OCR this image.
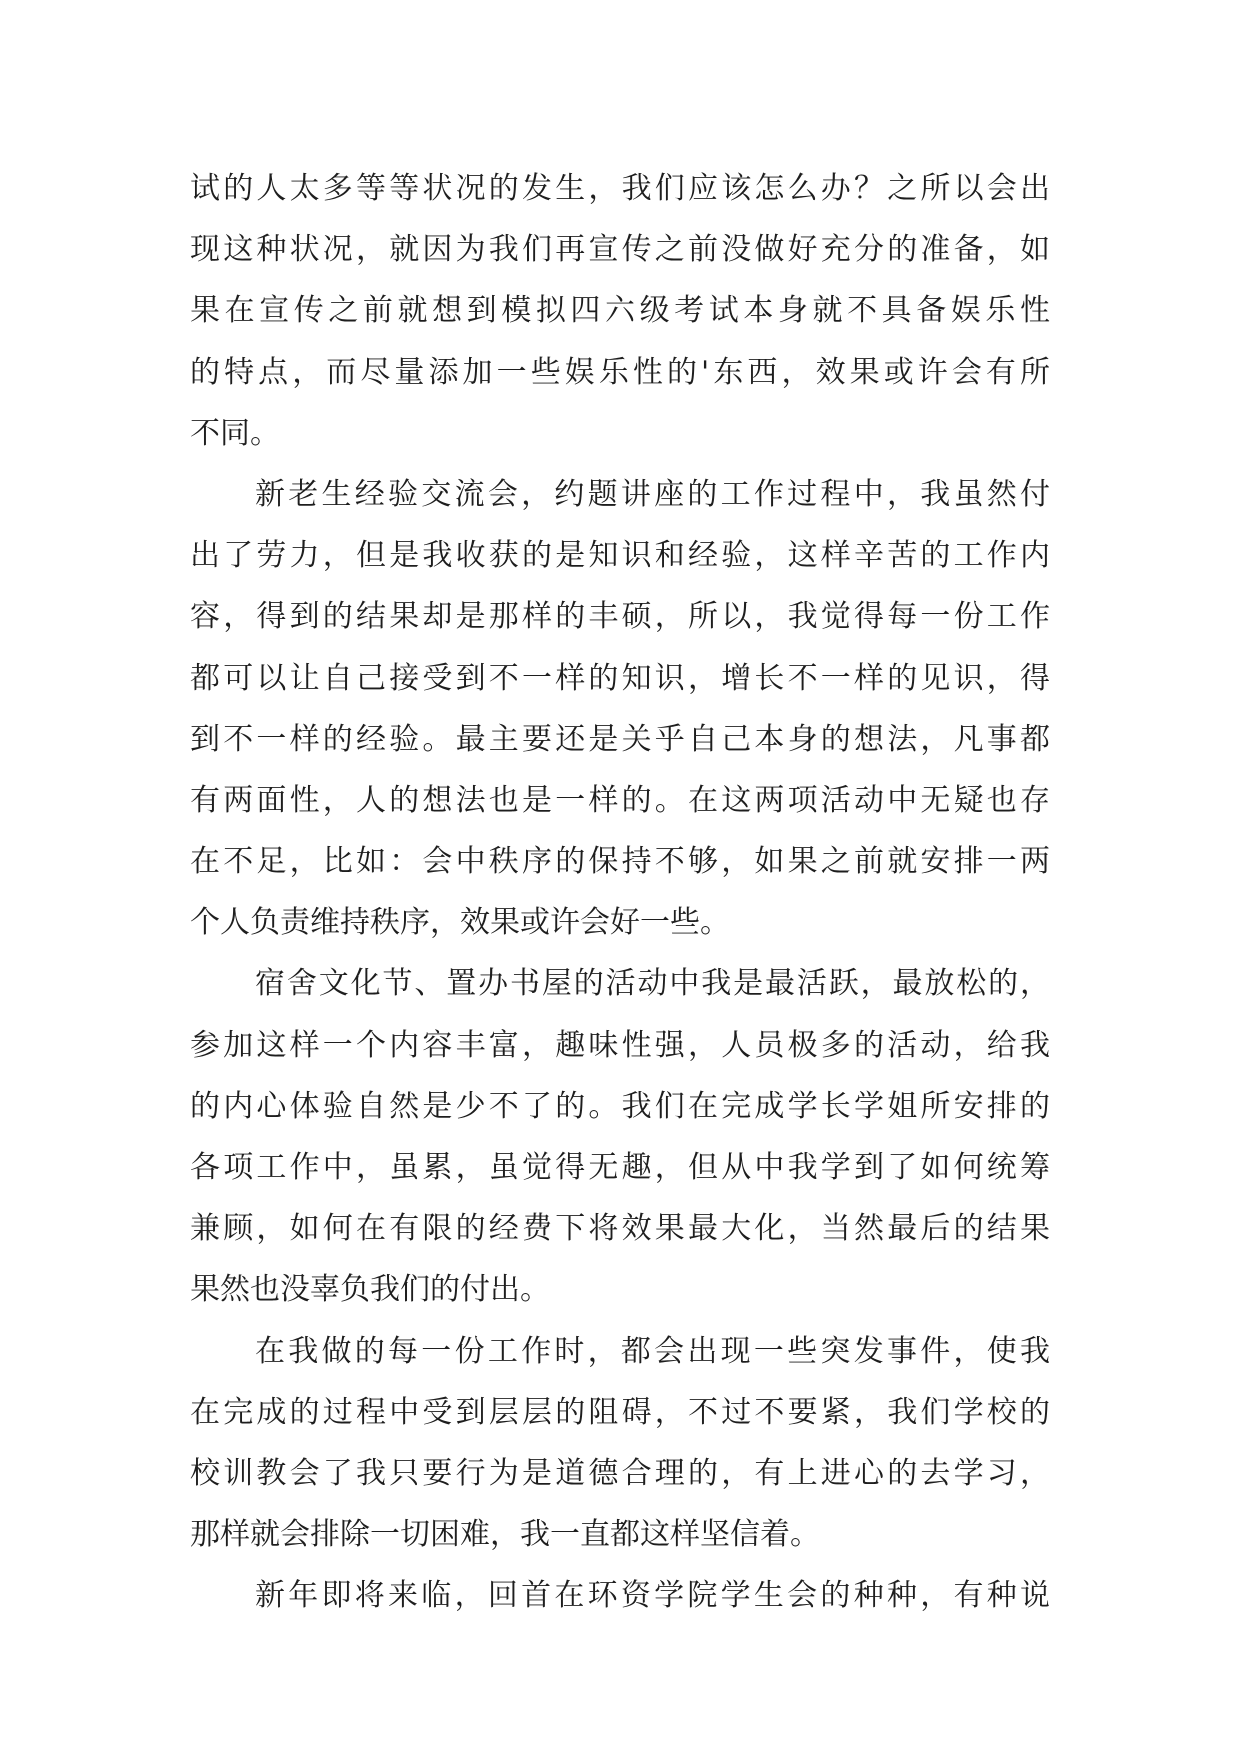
试的人太多等等状况的发生，我们应该怎么办？之所以会出
现这种状况，就因为我们再宣传之前没做好充分的准备，如
果在宣传之前就想到模拟四六级考试本身就不具备娱乐性
的特点，而尽量添加一些娱乐性的'东西，效果或许会有所
不同。
新老生经验交流会，约题讲座的工作过程中，我虽然付
出了劳力，但是我收获的是知识和经验，这样辛苦的工作内
容，得到的结果却是那样的丰硕，所以，我觉得每一份工作
都可以让自己接受到不一样的知识，增长不一样的见识，得
到不一样的经验。最主要还是关乎自己本身的想法，凡事都
有两面性，人的想法也是一样的。在这两项活动中无疑也存
在不足，比如：会中秩序的保持不够，如果之前就安排一两
个人负责维持秩序，效果或许会好一些。
宿舍文化节、置办书屋的活动中我是最活跃，最放松的，
参加这样一个内容丰富，趣味性强，人员极多的活动，给我
的内心体验自然是少不了的。我们在完成学长学姐所安排的
各项工作中，虽累，虽觉得无趣，但从中我学到了如何统筹
兼顾，如何在有限的经费下将效果最大化，当然最后的结果
果然也没辜负我们的付出。
在我做的每一份工作时，都会出现一些突发事件，使我
在完成的过程中受到层层的阻碍，不过不要紧，我们学校的
校训教会了我只要行为是道德合理的，有上进心的去学习，
那样就会排除一切困难，我一直都这样坚信着。
新年即将来临，回首在环资学院学生会的种种，有种说
